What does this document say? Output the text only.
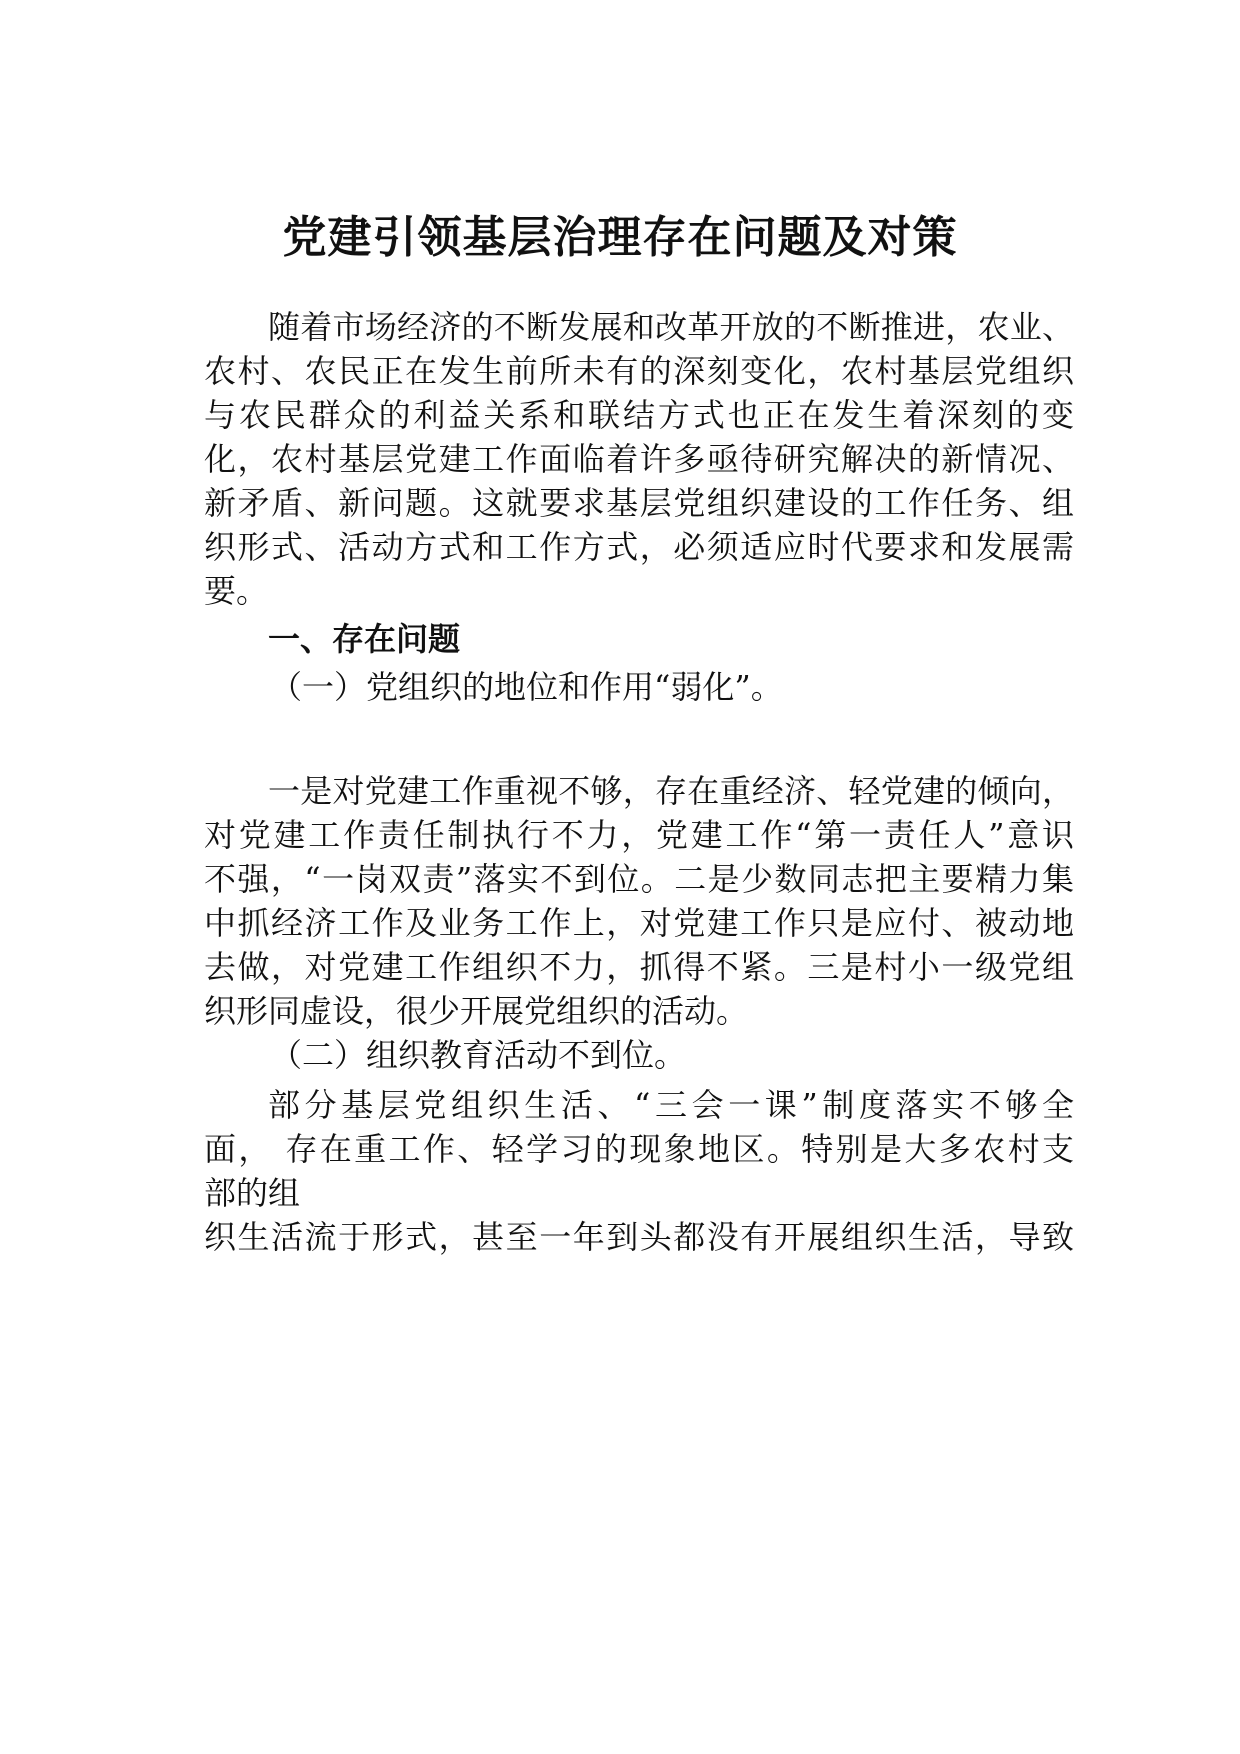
党建引领基层治理存在问题及对策
随着市场经济的不断发展和改革开放的不断推进，农业、
农村、农民正在发生前所未有的深刻变化，农村基层党组织
与农民群众的利益关系和联结方式也正在发生着深刻的变
化，农村基层党建工作面临着许多亟待研究解决的新情况、
新矛盾、新问题。这就要求基层党组织建设的工作任务、组
织形式、活动方式和工作方式，必须适应时代要求和发展需
要。
一、存在问题
（一）党组织的地位和作用“弱化”。
一是对党建工作重视不够，存在重经济、轻党建的倾向，
对党建工作责任制执行不力，党建工作“第一责任人”意识
不强，“一岗双责”落实不到位。二是少数同志把主要精力集
中抓经济工作及业务工作上，对党建工作只是应付、被动地
去做，对党建工作组织不力，抓得不紧。三是村小一级党组
织形同虚设，很少开展党组织的活动。
（二）组织教育活动不到位。
部分基层党组织生活、“三会一课”制度落实不够全
面， 存在重工作、轻学习的现象地区。特别是大多农村支
部的组
织生活流于形式，甚至一年到头都没有开展组织生活，导致
